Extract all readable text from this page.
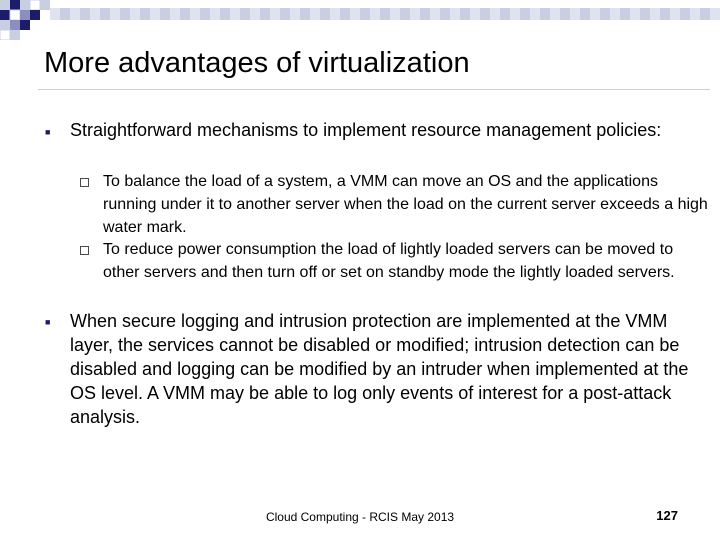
More advantages of virtualization
■ Straightforward mechanisms to implement resource management policies:
To balance the load of a system, a VMM can move an OS and the applications running under it to another server when the load on the current server exceeds a high water mark.
To reduce power consumption the load of lightly loaded servers can be moved to other servers and then turn off or set on standby mode the lightly loaded servers.
■ When secure logging and intrusion protection are implemented at the VMM layer, the services cannot be disabled or modified; intrusion detection can be disabled and logging can be modified by an intruder when implemented at the OS level. A VMM may be able to log only events of interest for a post-attack analysis.
Cloud Computing - RCIS May 2013	127
